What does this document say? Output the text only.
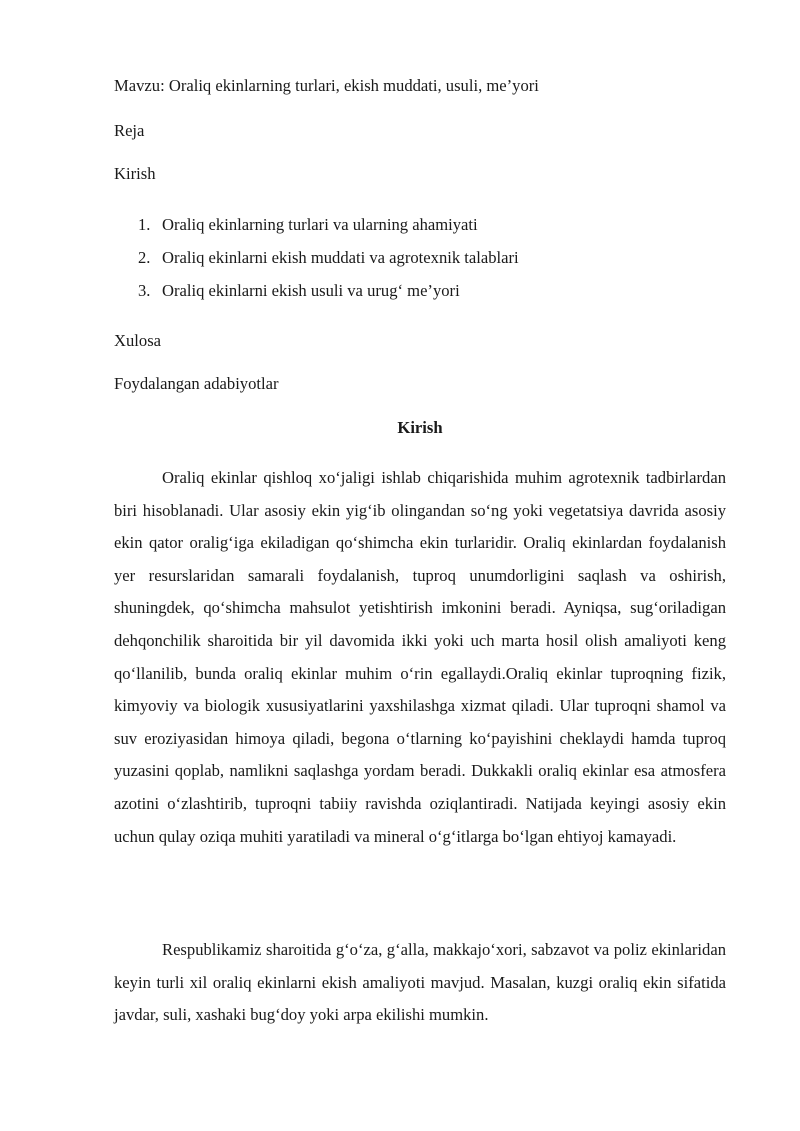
Mavzu: Oraliq ekinlarning turlari, ekish muddati, usuli, me’yori
Reja
Kirish
1. Oraliq ekinlarning turlari va ularning ahamiyati
2. Oraliq ekinlarni ekish muddati va agrotexnik talablari
3. Oraliq ekinlarni ekish usuli va urug‘ me’yori
Xulosa
Foydalangan adabiyotlar
Kirish

Oraliq ekinlar qishloq xo‘jaligi ishlab chiqarishida muhim agrotexnik tadbirlardan biri hisoblanadi. Ular asosiy ekin yig‘ib olingandan so‘ng yoki vegetatsiya davrida asosiy ekin qator oralig‘iga ekiladigan qo‘shimcha ekin turlaridir. Oraliq ekinlardan foydalanish yer resurslaridan samarali foydalanish, tuproq unumdorligini saqlash va oshirish, shuningdek, qo‘shimcha mahsulot yetishtirish imkonini beradi. Ayniqsa, sug‘oriladigan dehqonchilik sharoitida bir yil davomida ikki yoki uch marta hosil olish amaliyoti keng qo‘llanilib, bunda oraliq ekinlar muhim o‘rin egallaydi.Oraliq ekinlar tuproqning fizik, kimyoviy va biologik xususiyatlarini yaxshilashga xizmat qiladi. Ular tuproqni shamol va suv eroziyasidan himoya qiladi, begona o‘tlarning ko‘payishini cheklaydi hamda tuproq yuzasini qoplab, namlikni saqlashga yordam beradi. Dukkakli oraliq ekinlar esa atmosfera azotini o‘zlashtirib, tuproqni tabiiy ravishda oziqlantiradi. Natijada keyingi asosiy ekin uchun qulay oziqa muhiti yaratiladi va mineral o‘g‘itlarga bo‘lgan ehtiyoj kamayadi.

Respublikamiz sharoitida g‘o‘za, g‘alla, makkajo‘xori, sabzavot va poliz ekinlaridan keyin turli xil oraliq ekinlarni ekish amaliyoti mavjud. Masalan, kuzgi oraliq ekin sifatida javdar, suli, xashaki bug‘doy yoki arpa ekilishi mumkin.
